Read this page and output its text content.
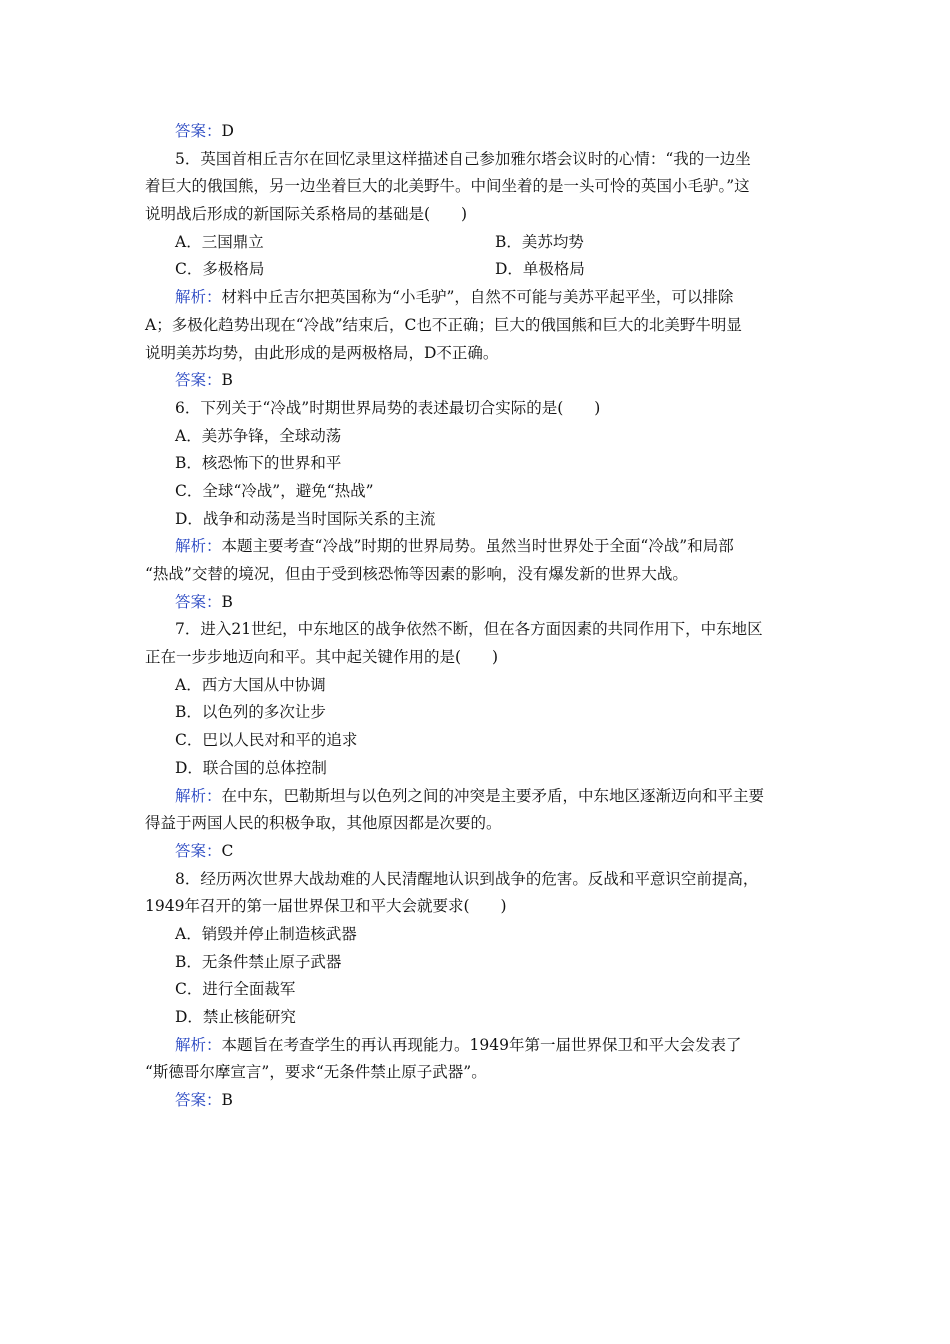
答案：D
5．英国首相丘吉尔在回忆录里这样描述自己参加雅尔塔会议时的心情：“我的一边坐
着巨大的俄国熊，另一边坐着巨大的北美野牛。中间坐着的是一头可怜的英国小毛驴。”这
说明战后形成的新国际关系格局的基础是(　　)
A．三国鼎立	B．美苏均势
C．多极格局	D．单极格局
解析：材料中丘吉尔把英国称为“小毛驴”，自然不可能与美苏平起平坐，可以排除
A；多极化趋势出现在“冷战”结束后，C也不正确；巨大的俄国熊和巨大的北美野牛明显
说明美苏均势，由此形成的是两极格局，D不正确。
答案：B
6．下列关于“冷战”时期世界局势的表述最切合实际的是(　　)
A．美苏争锋，全球动荡
B．核恐怖下的世界和平
C．全球“冷战”，避免“热战”
D．战争和动荡是当时国际关系的主流
解析：本题主要考查“冷战”时期的世界局势。虽然当时世界处于全面“冷战”和局部
“热战”交替的境况，但由于受到核恐怖等因素的影响，没有爆发新的世界大战。
答案：B
7．进入21世纪，中东地区的战争依然不断，但在各方面因素的共同作用下，中东地区
正在一步步地迈向和平。其中起关键作用的是(　　)
A．西方大国从中协调
B．以色列的多次让步
C．巴以人民对和平的追求
D．联合国的总体控制
解析：在中东，巴勒斯坦与以色列之间的冲突是主要矛盾，中东地区逐渐迈向和平主要
得益于两国人民的积极争取，其他原因都是次要的。
答案：C
8．经历两次世界大战劫难的人民清醒地认识到战争的危害。反战和平意识空前提高，
1949年召开的第一届世界保卫和平大会就要求(　　)
A．销毁并停止制造核武器
B．无条件禁止原子武器
C．进行全面裁军
D．禁止核能研究
解析：本题旨在考查学生的再认再现能力。1949年第一届世界保卫和平大会发表了
“斯德哥尔摩宣言”，要求“无条件禁止原子武器”。
答案：B
